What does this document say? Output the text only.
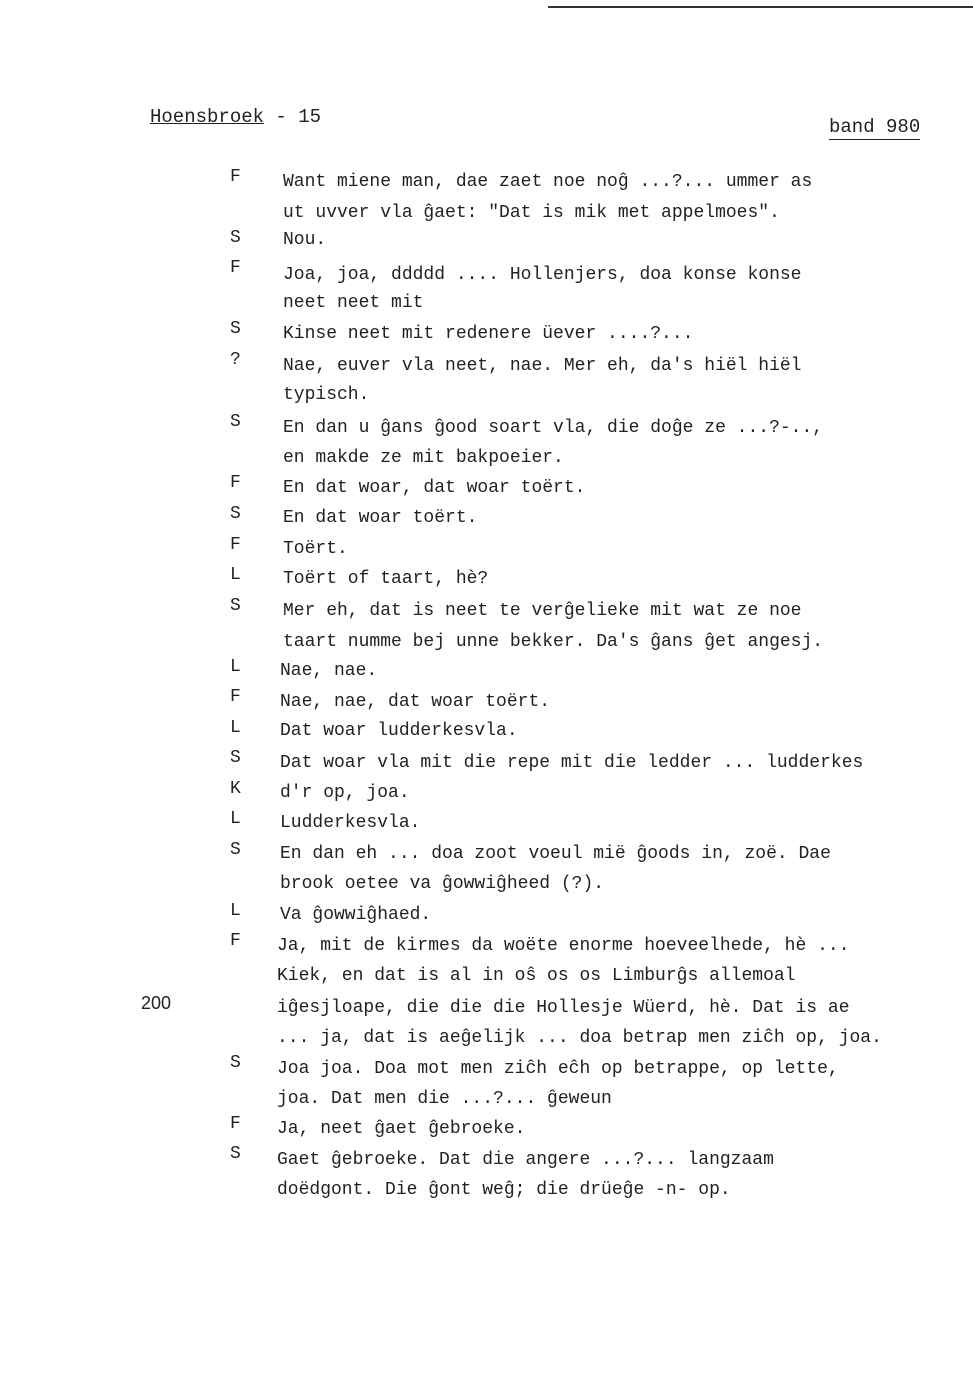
Hoensbroek - 15	band 980
200
F
S
F
S
?
S
F
S
F
L
S
L
F
L
S
K
L
S
L
F
S
F
S
Want miene man, dae zaet noe noĝ ...?... ummer as
ut uvver vla ĝaet: "Dat is mik met appelmoes".
Nou.
Joa, joa, ddddd .... Hollenjers, doa konse konse
neet neet mit
Kinse neet mit redenere üever ....?...
Nae, euver vla neet, nae. Mer eh, da's hiël hiël
typisch.
En dan u ĝans ĝood soart vla, die doĝe ze ...?-..,
en makde ze mit bakpoeier.
En dat woar, dat woar toërt.
En dat woar toërt.
Toërt.
Toërt of taart, hè?
Mer eh, dat is neet te verĝelieke mit wat ze noe
taart numme bej unne bekker. Da's ĝans ĝet angesj.
Nae, nae.
Nae, nae, dat woar toërt.
Dat woar ludderkesvla.
Dat woar vla mit die repe mit die ledder ... ludderkes
d'r op, joa.
Ludderkesvla.
En dan eh ... doa zoot voeul mië ĝoods in, zoë. Dae
brook oetee va ĝowwiĝheed (?).
Va ĝowwiĝhaed.
Ja, mit de kirmes da woëte enorme hoeveelhede, hè ...
Kiek, en dat is al in oŝ os os Limburĝs allemoal
iĝesjloape, die die die Hollesje Wüerd, hè. Dat is ae
... ja, dat is aeĝelijk ... doa betrap men ziĉh op, joa.
Joa joa. Doa mot men ziĉh eĉh op betrappe, op lette,
joa. Dat men die ...?... ĝeweun
Ja, neet ĝaet ĝebroeke.
Gaet ĝebroeke. Dat die angere ...?... langzaam
doëdgont. Die ĝont weĝ; die drüeĝe -n- op.
